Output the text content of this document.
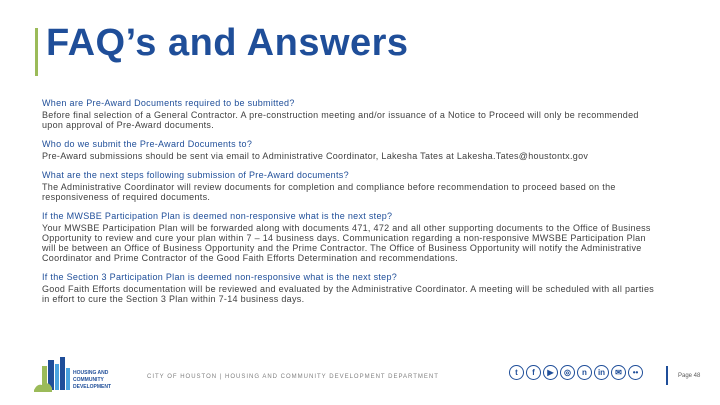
FAQ’s and Answers
When are Pre-Award Documents required to be submitted?
Before final selection of a General Contractor. A pre-construction meeting and/or issuance of a Notice to Proceed will only be recommended
upon approval of Pre-Award documents.
Who do we submit the Pre-Award Documents to?
Pre-Award submissions should be sent via email to Administrative Coordinator, Lakesha Tates at Lakesha.Tates@houstontx.gov
What are the next steps following submission of Pre-Award documents?
The Administrative Coordinator will review documents for completion and compliance before recommendation to proceed based on the
responsiveness of required documents.
If the MWSBE Participation Plan is deemed non-responsive what is the next step?
Your MWSBE Participation Plan will be forwarded along with documents 471, 472 and all other supporting documents to the Office of Business
Opportunity to review and cure your plan within 7 – 14 business days. Communication regarding a non-responsive MWSBE Participation Plan
will be between an Office of Business Opportunity and the Prime Contractor. The Office of Business Opportunity will notify the Administrative
Coordinator and Prime Contractor of the Good Faith Efforts Determination and recommendations.
If the Section 3 Participation Plan is deemed non-responsive what is the next step?
Good Faith Efforts documentation will be reviewed and evaluated by the Administrative Coordinator. A meeting will be scheduled with all parties
in effort to cure the Section 3 Plan within 7-14 business days.
HOUSING AND
COMMUNITY
DEVELOPMENT
CITY OF HOUSTON | HOUSING AND COMMUNITY DEVELOPMENT DEPARTMENT
t	f	▶	◎	n	in	✉	••	Page 48
